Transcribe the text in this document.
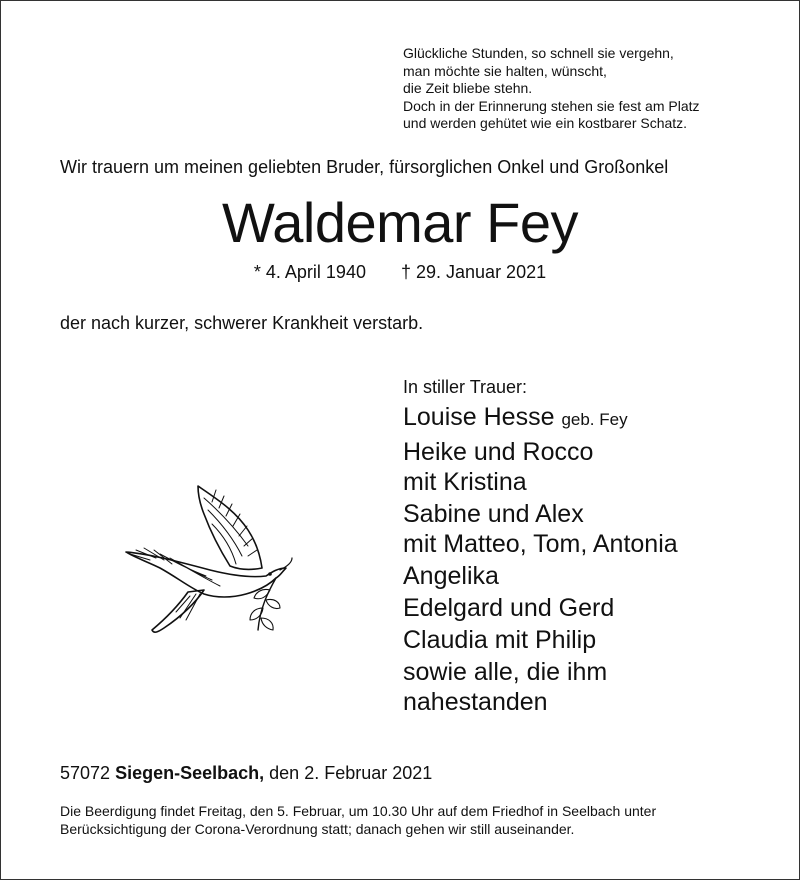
Glückliche Stunden, so schnell sie vergehn,
man möchte sie halten, wünscht,
die Zeit bliebe stehn.
Doch in der Erinnerung stehen sie fest am Platz
und werden gehütet wie ein kostbarer Schatz.
Wir trauern um meinen geliebten Bruder, fürsorglichen Onkel und Großonkel
Waldemar Fey
* 4. April 1940 † 29. Januar 2021
der nach kurzer, schwerer Krankheit verstarb.
In stiller Trauer:
Louise Hesse geb. Fey
Heike und Rocco
mit Kristina
Sabine und Alex
mit Matteo, Tom, Antonia
Angelika
Edelgard und Gerd
Claudia mit Philip
sowie alle, die ihm
nahestanden
57072 Siegen-Seelbach, den 2. Februar 2021
Die Beerdigung findet Freitag, den 5. Februar, um 10.30 Uhr auf dem Friedhof in Seelbach unter Berücksichtigung der Corona-Verordnung statt; danach gehen wir still auseinander.
